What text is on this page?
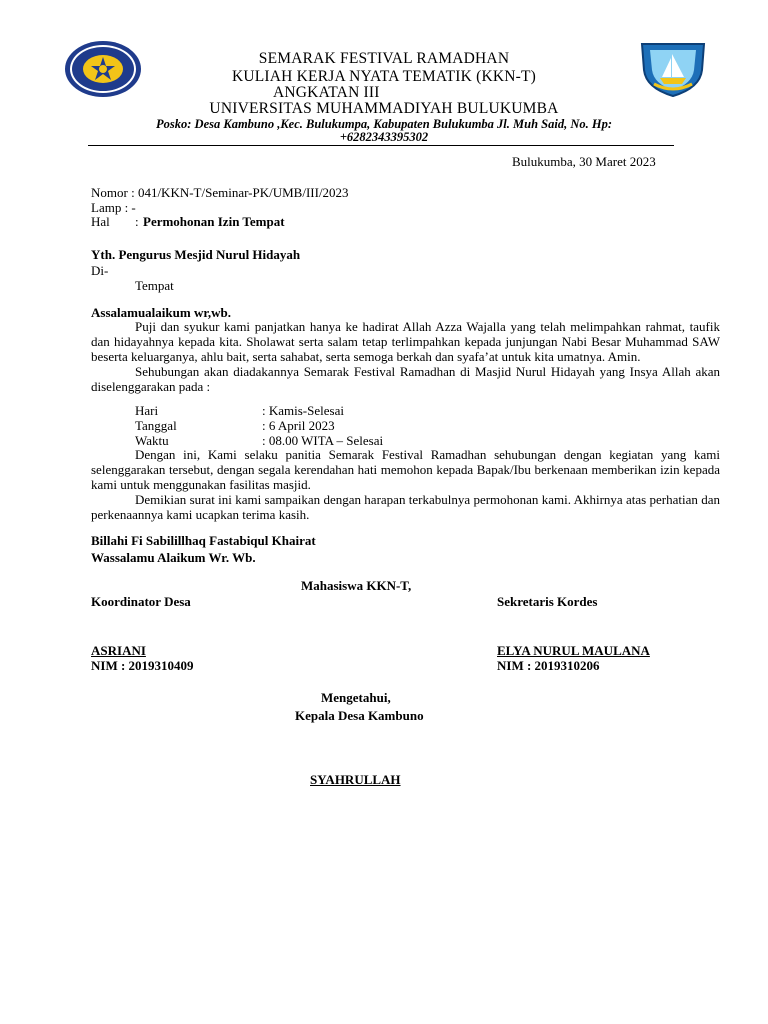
SEMARAK FESTIVAL RAMADHAN
KULIAH KERJA NYATA TEMATIK (KKN-T)
ANGKATAN III
UNIVERSITAS MUHAMMADIYAH BULUKUMBA
Posko: Desa Kambuno ,Kec. Bulukumpa, Kabupaten Bulukumba Jl. Muh Said, No. Hp:
+6282343395302
Bulukumba, 30 Maret 2023
Nomor : 041/KKN-T/Seminar-PK/UMB/III/2023
Lamp : -
Hal : Permohonan Izin Tempat
Yth. Pengurus Mesjid Nurul Hidayah
Di-
Tempat
Assalamualaikum wr,wb.

Puji dan syukur kami panjatkan hanya ke hadirat Allah Azza Wajalla yang telah melimpahkan rahmat, taufik dan hidayahnya kepada kita. Sholawat serta salam tetap terlimpahkan kepada junjungan Nabi Besar Muhammad SAW beserta keluarganya, ahlu bait, serta sahabat, serta semoga berkah dan syafa’at untuk kita umatnya. Amin.

Sehubungan akan diadakannya Semarak Festival Ramadhan di Masjid Nurul Hidayah yang Insya Allah akan diselenggarakan pada :

Hari	: Kamis-Selesai
Tanggal	: 6 April 2023
Waktu	: 08.00 WITA – Selesai

Dengan ini, Kami selaku panitia Semarak Festival Ramadhan sehubungan dengan kegiatan yang kami selenggarakan tersebut, dengan segala kerendahan hati memohon kepada Bapak/Ibu berkenaan memberikan izin kepada kami untuk menggunakan fasilitas masjid.

Demikian surat ini kami sampaikan dengan harapan terkabulnya permohonan kami. Akhirnya atas perhatian dan perkenaannya kami ucapkan terima kasih.

Billahi Fi Sabilillhaq Fastabiqul Khairat
Wassalamu Alaikum Wr. Wb.
Mahasiswa KKN-T,
Koordinator Desa	Sekretaris Kordes
ASRIANI	ELYA NURUL MAULANA
NIM : 2019310409	NIM : 2019310206
Mengetahui,
Kepala Desa Kambuno
SYAHRULLAH
